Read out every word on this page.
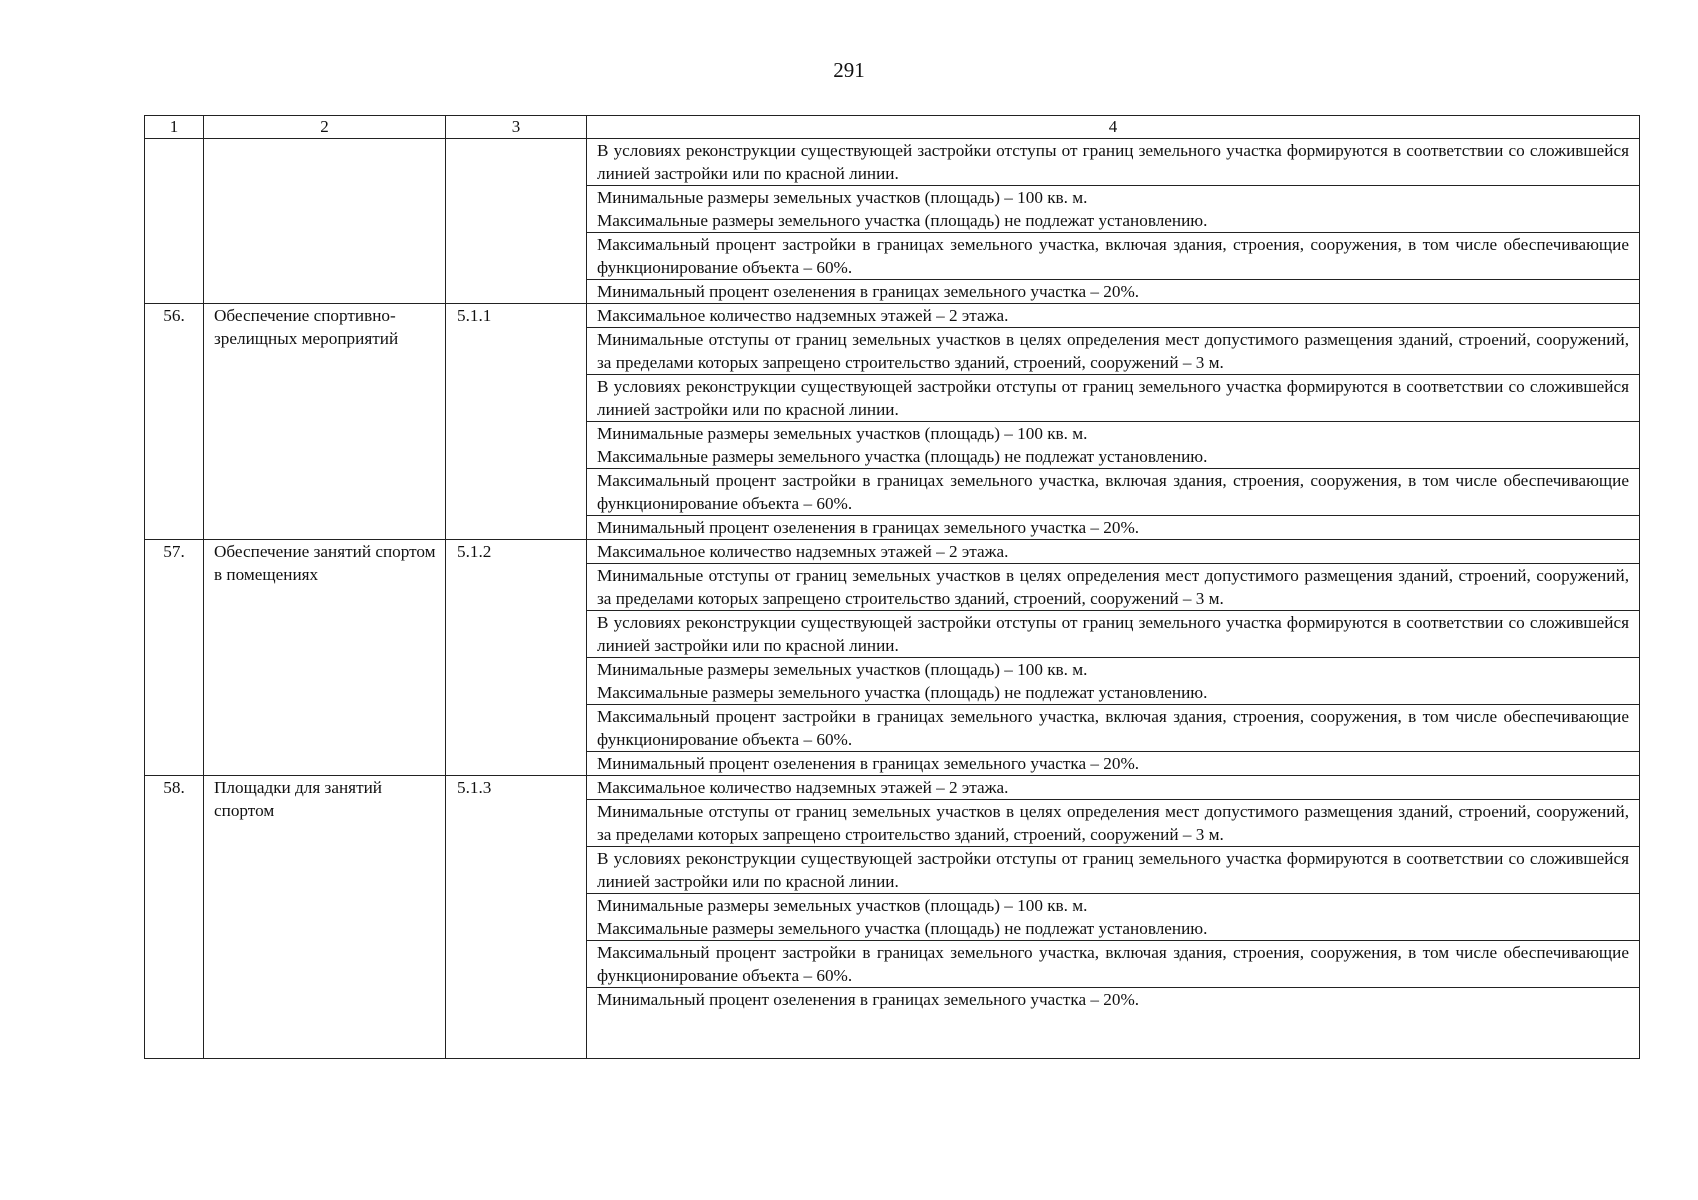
291
1	2	3	4
			В условиях реконструкции существующей застройки отступы от границ земельного участка формируются в соответствии со сложившейся линией застройки или по красной линии.

			Минимальные размеры земельных участков (площадь) – 100 кв. м.
Максимальные размеры земельного участка (площадь) не подлежат установлению.

			Максимальный процент застройки в границах земельного участка, включая здания, строения, сооружения, в том числе обеспечивающие функционирование объекта – 60%.
			Минимальный процент озеленения в границах земельного участка – 20%.
56.	Обеспечение спортивно-зрелищных мероприятий	5.1.1	Максимальное количество надземных этажей – 2 этажа.
			Минимальные отступы от границ земельных участков в целях определения мест допустимого размещения зданий, строений, сооружений, за пределами которых запрещено строительство зданий, строений, сооружений – 3 м.
			В условиях реконструкции существующей застройки отступы от границ земельного участка формируются в соответствии со сложившейся линией застройки или по красной линии.

			Минимальные размеры земельных участков (площадь) – 100 кв. м.
Максимальные размеры земельного участка (площадь) не подлежат установлению.

			Максимальный процент застройки в границах земельного участка, включая здания, строения, сооружения, в том числе обеспечивающие функционирование объекта – 60%.
			Минимальный процент озеленения в границах земельного участка – 20%.
57.	Обеспечение занятий спортом в помещениях	5.1.2	Максимальное количество надземных этажей – 2 этажа.
			Минимальные отступы от границ земельных участков в целях определения мест допустимого размещения зданий, строений, сооружений, за пределами которых запрещено строительство зданий, строений, сооружений – 3 м.
			В условиях реконструкции существующей застройки отступы от границ земельного участка формируются в соответствии со сложившейся линией застройки или по красной линии.

			Минимальные размеры земельных участков (площадь) – 100 кв. м.
Максимальные размеры земельного участка (площадь) не подлежат установлению.

			Максимальный процент застройки в границах земельного участка, включая здания, строения, сооружения, в том числе обеспечивающие функционирование объекта – 60%.
			Минимальный процент озеленения в границах земельного участка – 20%.
58.	Площадки для занятий спортом	5.1.3	Максимальное количество надземных этажей – 2 этажа.
			Минимальные отступы от границ земельных участков в целях определения мест допустимого размещения зданий, строений, сооружений, за пределами которых запрещено строительство зданий, строений, сооружений – 3 м.
			В условиях реконструкции существующей застройки отступы от границ земельного участка формируются в соответствии со сложившейся линией застройки или по красной линии.

			Минимальные размеры земельных участков (площадь) – 100 кв. м.
Максимальные размеры земельного участка (площадь) не подлежат установлению.

			Максимальный процент застройки в границах земельного участка, включая здания, строения, сооружения, в том числе обеспечивающие функционирование объекта – 60%.
			Минимальный процент озеленения в границах земельного участка – 20%.
